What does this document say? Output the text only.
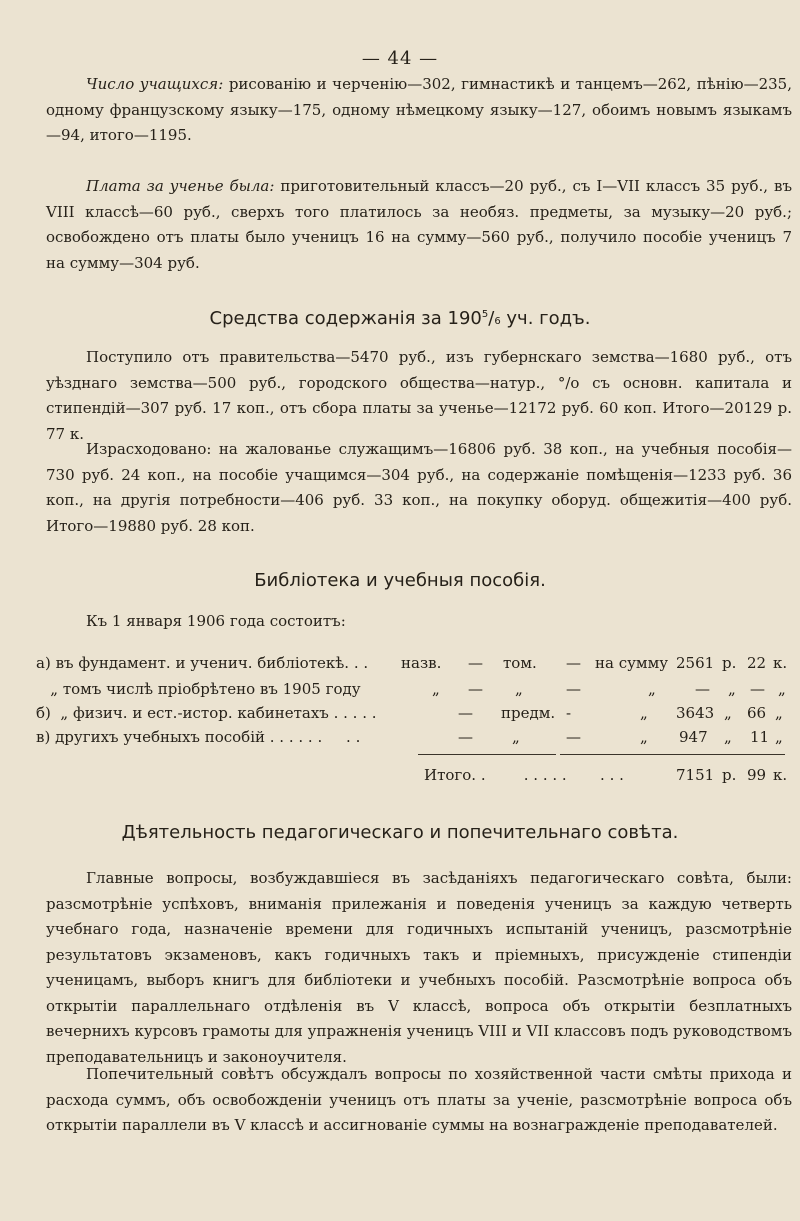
— 44 —

Число учащихся: рисованію и черченію—302, гимнастикѣ и танцемъ—262, пѣнію—235, одному французскому языку—175, одному нѣмецкому языку—127, обоимъ новымъ языкамъ—94, итого—1195.

Плата за ученье была: приготовительный классъ—20 руб., съ I—VII классъ 35 руб., въ VIII классѣ—60 руб., сверхъ того платилось за необяз. предметы, за музыку—20 руб.; освобождено отъ платы было ученицъ 16 на сумму—560 руб., получило пособіе ученицъ 7 на сумму—304 руб.

Средства содержанія за $190^5/6$ уч. годъ.

Поступило отъ правительства—5470 руб., изъ губернскаго земства—1680 руб., отъ уѣзднаго земства—500 руб., городского общества—натур., °/o съ основн. капитала и стипендій—307 руб. 17 коп., отъ сбора платы за ученье—12172 руб. 60 коп. Итого—20129 р. 77 к.

Израсходовано: на жалованье служащимъ—16806 руб. 38 коп., на учебныя пособія—730 руб. 24 коп., на пособіе учащимся—304 руб., на содержаніе помѣщенія—1233 руб. 36 коп., на другія потребности—406 руб. 33 коп., на покупку оборуд. общежитія—400 руб. Итого—19880 руб. 28 коп.

Библіотека и учебныя пособія.
Къ 1 января 1906 года состоитъ:
а) въ фундамент. и ученич. библіотекѣ. . . назв. — том. — на сумму 2561 р. 22 к.
„ томъ числѣ пріобрѣтено въ 1905 году	„ — „	—	„	— „ — „
б)  „ физич. и ест.-истор. кабинетахъ . . . . .	— предм. -	„ 3643 „ 66 „
в) другихъ учебныхъ пособій . . . . . .     . .	—	„	—	„ 947 „ 11 „
Итого. .        . . . . .       . . .	7151 р. 99 к.
Дѣятельность педагогическаго и попечительнаго совѣта.

Главные вопросы, возбуждавшіеся въ засѣданіяхъ педагогическаго совѣта, были: разсмотрѣніе успѣховъ, вниманія прилежанія и поведенія ученицъ за каждую четверть учебнаго года, назначеніе времени для годичныхъ испытаній ученицъ, разсмотрѣніе результатовъ экзаменовъ, какъ годичныхъ такъ и пріемныхъ, присужденіе стипендіи ученицамъ, выборъ книгъ для библіотеки и учебныхъ пособій. Разсмотрѣніе вопроса объ открытіи параллельнаго отдѣленія въ V классѣ, вопроса объ открытіи безплатныхъ вечернихъ курсовъ грамоты для упражненія ученицъ VIII и VII классовъ подъ руководствомъ преподавательницъ и законоучителя.

Попечительный совѣтъ обсуждалъ вопросы по хозяйственной части смѣты прихода и расхода суммъ, объ освобожденіи ученицъ отъ платы за ученіе, разсмотрѣніе вопроса объ открытіи параллели въ V классѣ и ассигнованіе суммы на вознагражденіе преподавателей.
